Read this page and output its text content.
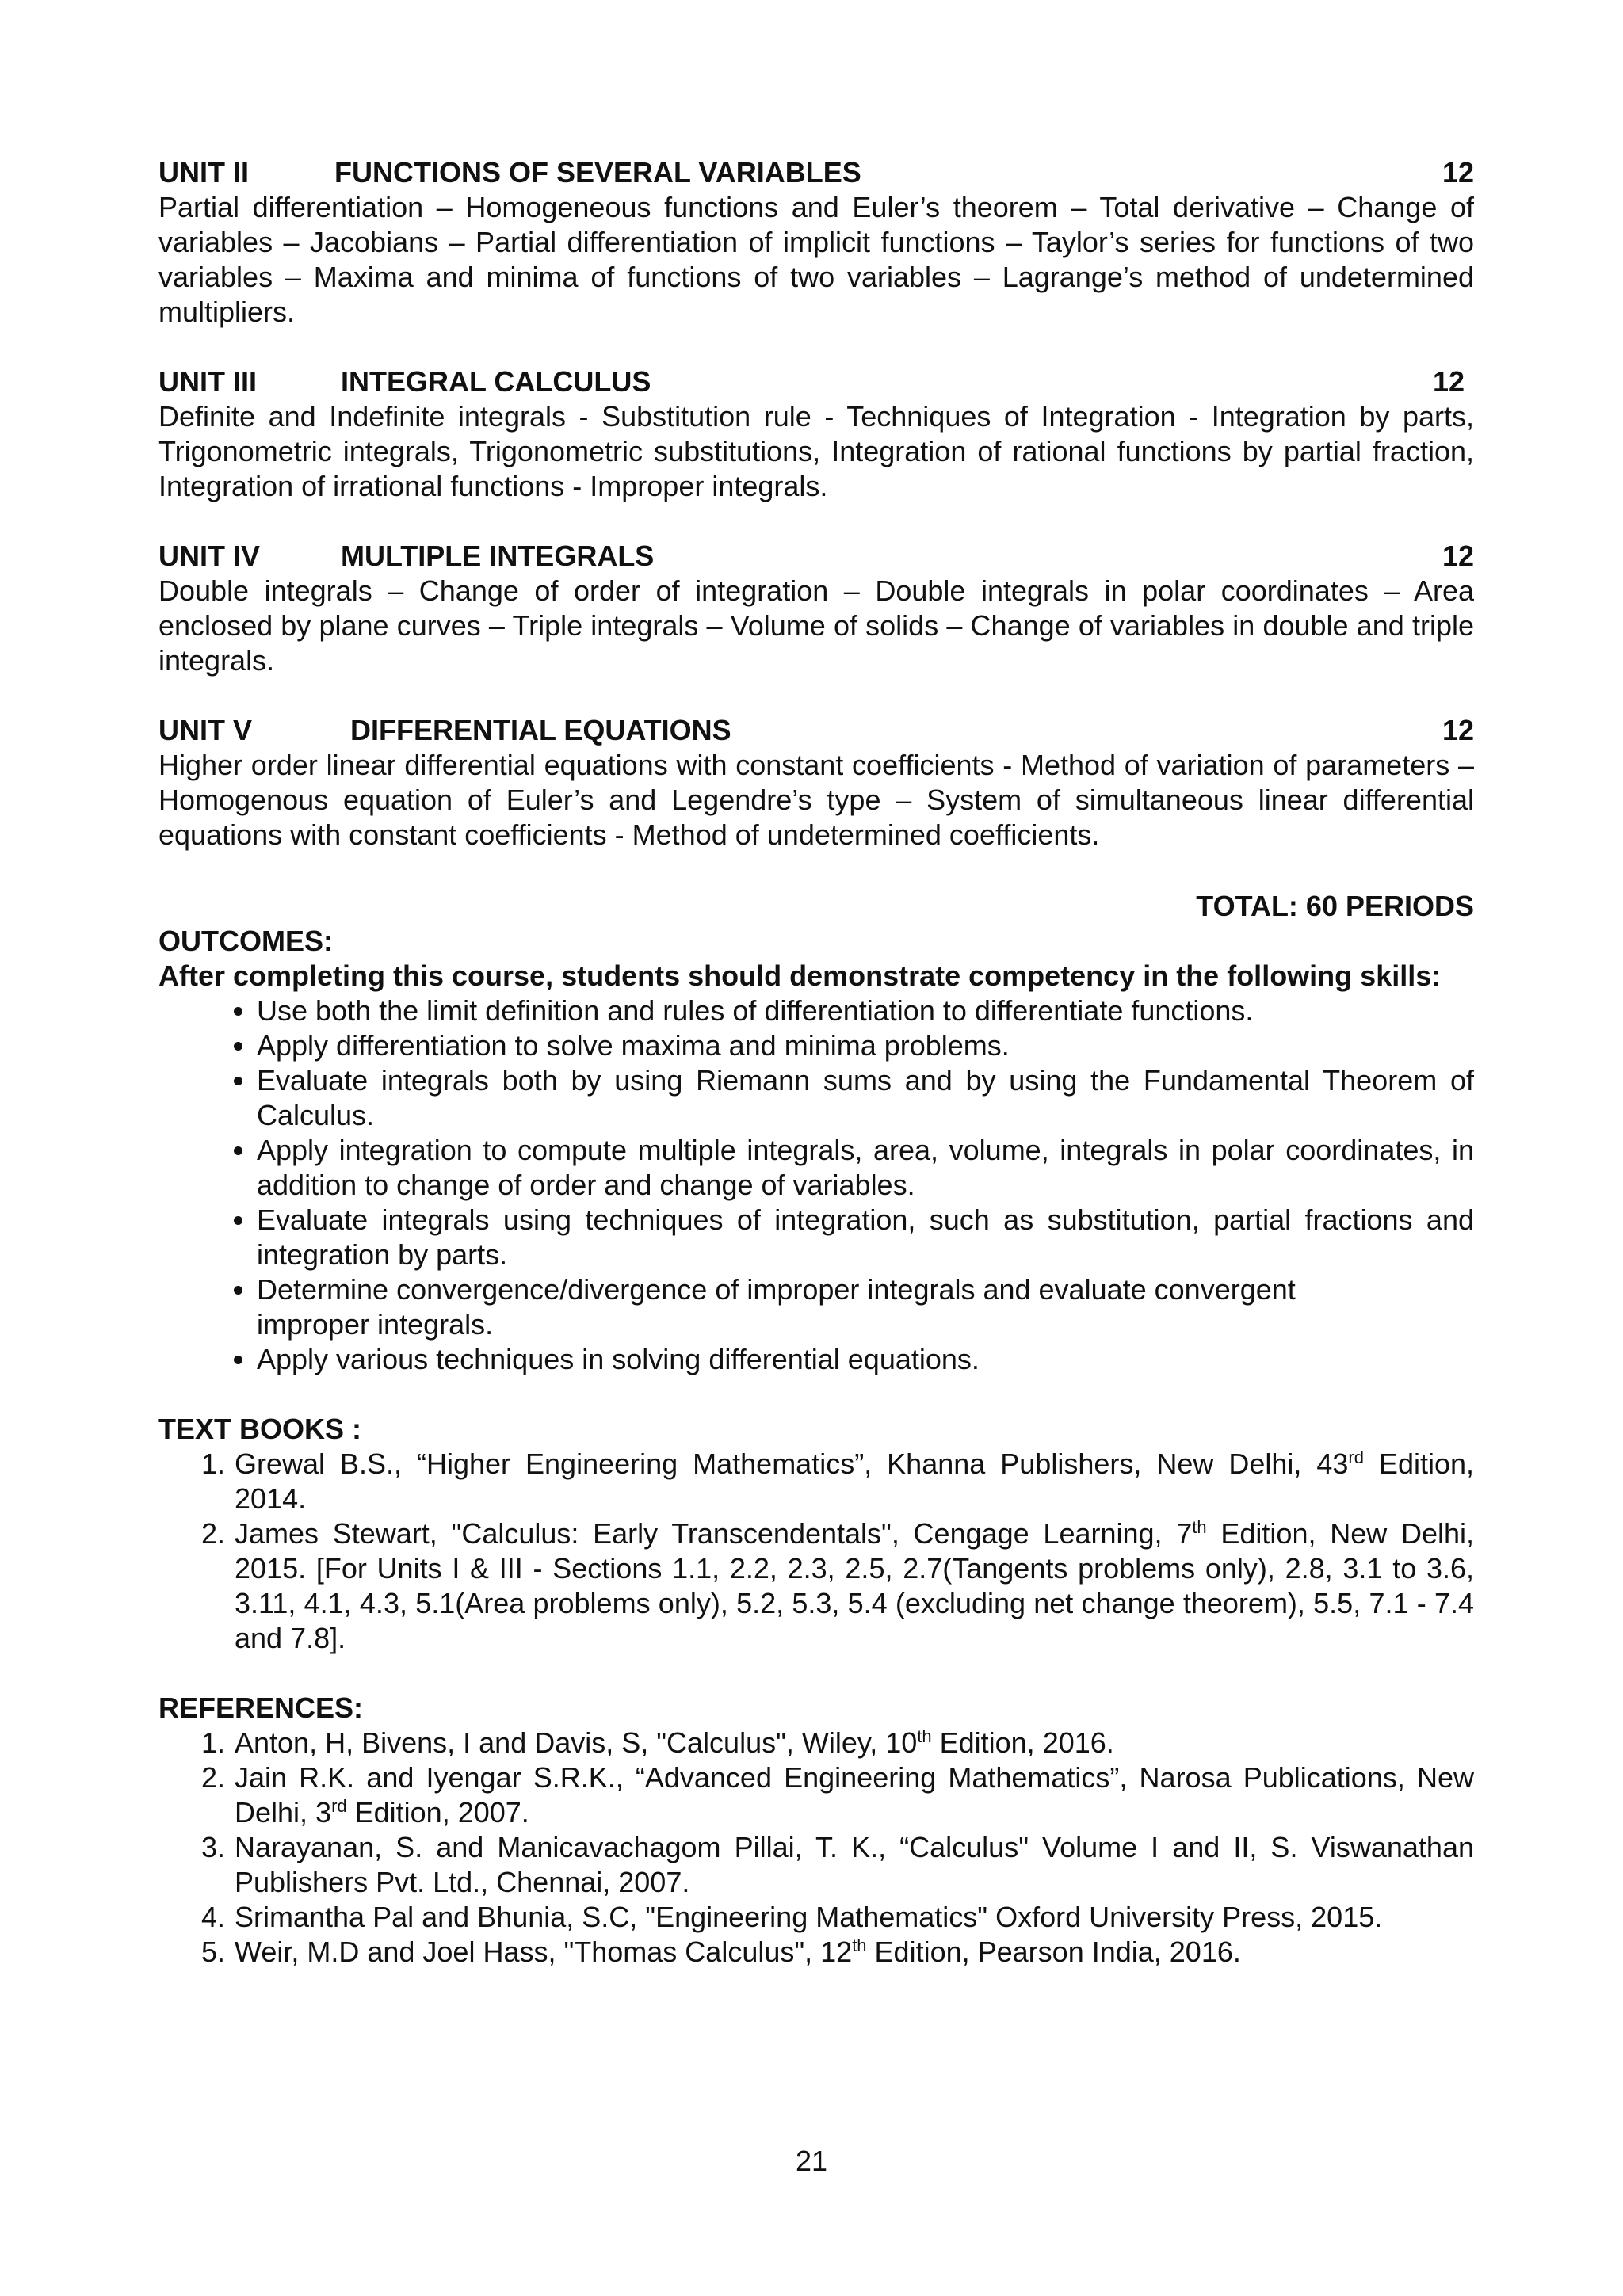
UNIT II	FUNCTIONS OF SEVERAL VARIABLES	12
Partial differentiation – Homogeneous functions and Euler’s theorem – Total derivative – Change of variables – Jacobians – Partial differentiation of implicit functions – Taylor’s series for functions of two variables – Maxima and minima of functions of two variables – Lagrange’s method of undetermined multipliers.
UNIT III	INTEGRAL CALCULUS	12
Definite and Indefinite integrals - Substitution rule - Techniques of Integration - Integration by parts, Trigonometric integrals, Trigonometric substitutions, Integration of rational functions by partial fraction, Integration of irrational functions - Improper integrals.
UNIT IV	MULTIPLE INTEGRALS	12
Double integrals – Change of order of integration – Double integrals in polar coordinates – Area enclosed by plane curves – Triple integrals – Volume of solids – Change of variables in double and triple integrals.
UNIT V	DIFFERENTIAL EQUATIONS	12
Higher order linear differential equations with constant coefficients - Method of variation of parameters – Homogenous equation of Euler’s and Legendre’s type – System of simultaneous linear differential equations with constant coefficients - Method of undetermined coefficients.
TOTAL: 60 PERIODS
OUTCOMES:
After completing this course, students should demonstrate competency in the following skills:
• Use both the limit definition and rules of differentiation to differentiate functions.
• Apply differentiation to solve maxima and minima problems.
• Evaluate integrals both by using Riemann sums and by using the Fundamental Theorem of Calculus.
• Apply integration to compute multiple integrals, area, volume, integrals in polar coordinates, in addition to change of order and change of variables.
• Evaluate integrals using techniques of integration, such as substitution, partial fractions and integration by parts.
• Determine convergence/divergence of improper integrals and evaluate convergent improper integrals.
• Apply various techniques in solving differential equations.
TEXT BOOKS :
1. Grewal B.S., “Higher Engineering Mathematics”, Khanna Publishers, New Delhi, 43rd Edition, 2014.
2. James Stewart, "Calculus: Early Transcendentals", Cengage Learning, 7th Edition, New Delhi, 2015. [For Units I & III - Sections 1.1, 2.2, 2.3, 2.5, 2.7(Tangents problems only), 2.8, 3.1 to 3.6, 3.11, 4.1, 4.3, 5.1(Area problems only), 5.2, 5.3, 5.4 (excluding net change theorem), 5.5, 7.1 - 7.4 and 7.8].
REFERENCES:
1. Anton, H, Bivens, I and Davis, S, "Calculus", Wiley, 10th Edition, 2016.
2. Jain R.K. and Iyengar S.R.K., “Advanced Engineering Mathematics”, Narosa Publications, New Delhi, 3rd Edition, 2007.
3. Narayanan, S. and Manicavachagom Pillai, T. K., “Calculus" Volume I and II, S. Viswanathan Publishers Pvt. Ltd., Chennai, 2007.
4. Srimantha Pal and Bhunia, S.C, "Engineering Mathematics" Oxford University Press, 2015.
5. Weir, M.D and Joel Hass, "Thomas Calculus", 12th Edition, Pearson India, 2016.
21
